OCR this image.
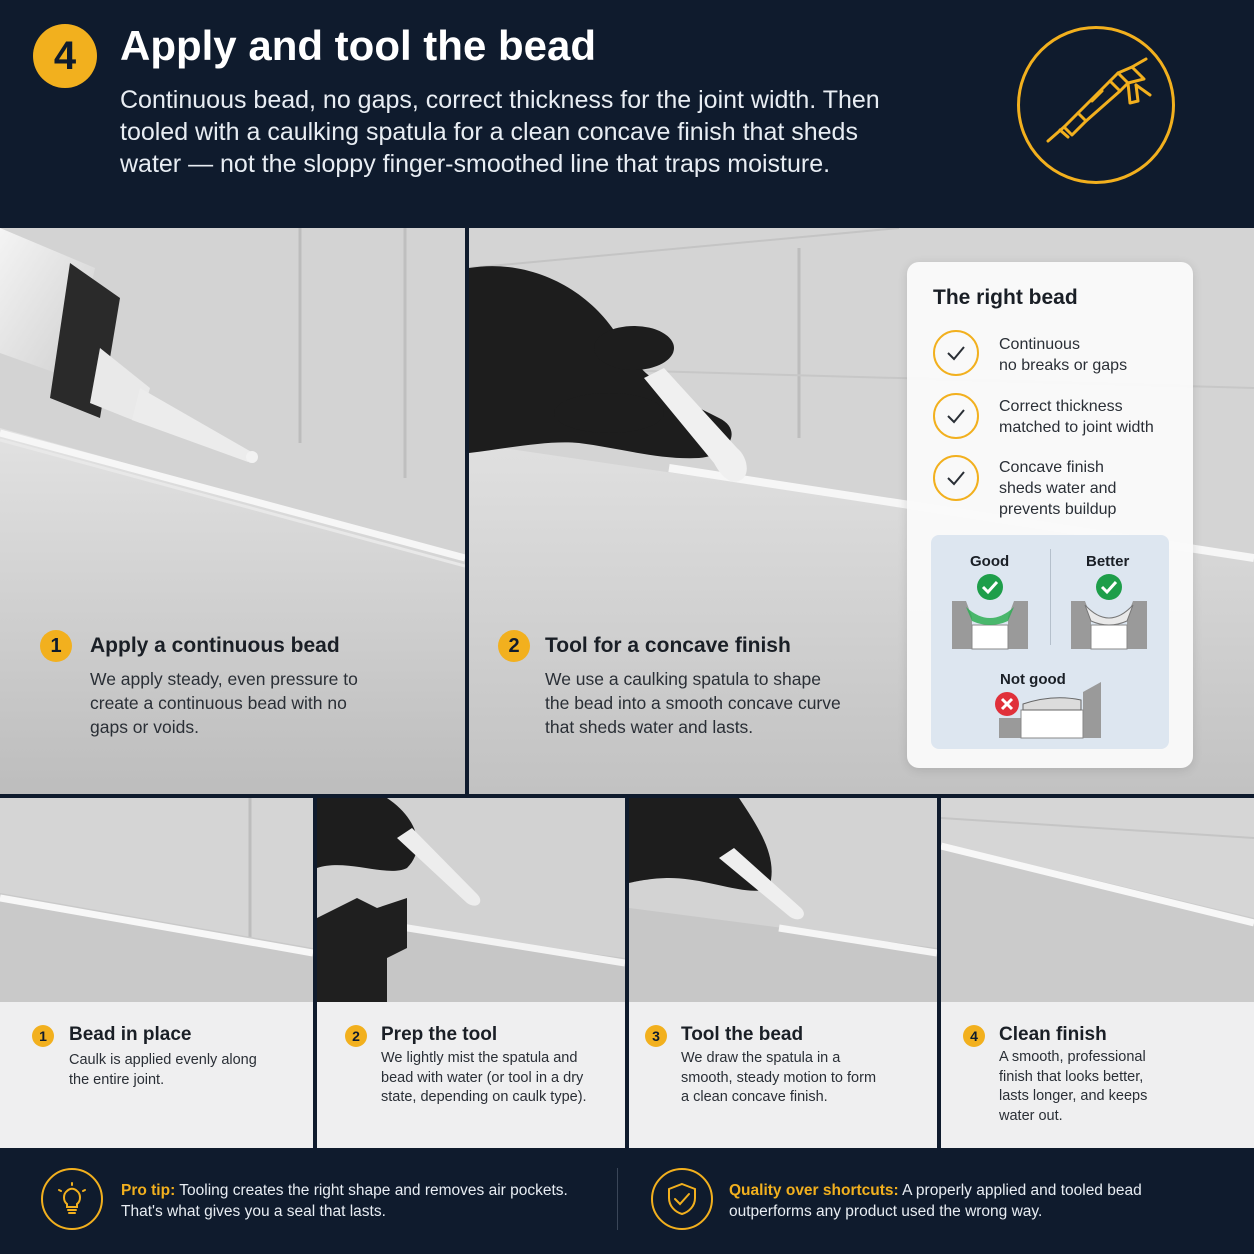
4	Apply and tool the bead
Continuous bead, no gaps, correct thickness for the joint width. Then tooled with a caulking spatula for a clean concave finish that sheds water — not the sloppy finger-smoothed line that traps moisture.
1	Apply a continuous bead
We apply steady, even pressure to create a continuous bead with no gaps or voids.
2	Tool for a concave finish
We use a caulking spatula to shape the bead into a smooth concave curve that sheds water and lasts.
The right bead
Continuous
no breaks or gaps
Correct thickness
matched to joint width
Concave finish
sheds water and
prevents buildup
Good	Better
Not good
1	Bead in place
Caulk is applied evenly along the entire joint.
2	Prep the tool
We lightly mist the spatula and bead with water (or tool in a dry state, depending on caulk type).
3	Tool the bead
We draw the spatula in a smooth, steady motion to form a clean concave finish.
4	Clean finish
A smooth, professional finish that looks better, lasts longer, and keeps water out.
Pro tip: Tooling creates the right shape and removes air pockets. That's what gives you a seal that lasts.
Quality over shortcuts: A properly applied and tooled bead outperforms any product used the wrong way.
